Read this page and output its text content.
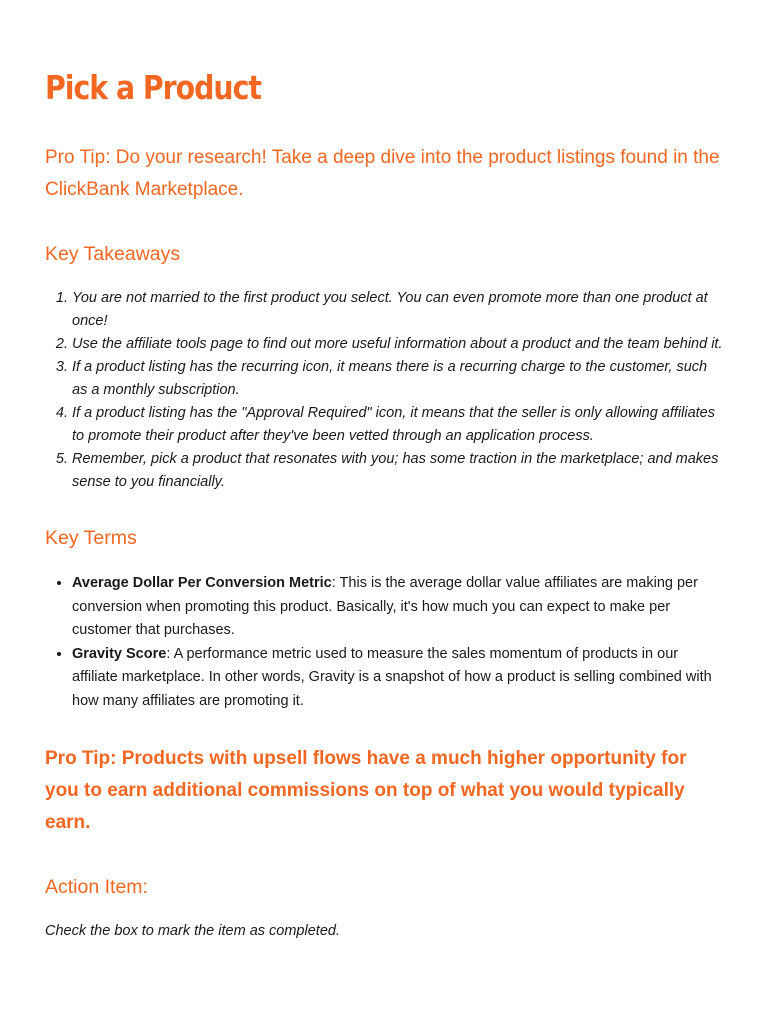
Pick a Product

Pro Tip: Do your research! Take a deep dive into the product listings found in the ClickBank Marketplace.

Key Takeaways
1. You are not married to the first product you select. You can even promote more than one product at once!
2. Use the affiliate tools page to find out more useful information about a product and the team behind it.
3. If a product listing has the recurring icon, it means there is a recurring charge to the customer, such as a monthly subscription.
4. If a product listing has the "Approval Required" icon, it means that the seller is only allowing affiliates to promote their product after they've been vetted through an application process.
5. Remember, pick a product that resonates with you; has some traction in the marketplace; and makes sense to you financially.
Key Terms
• Average Dollar Per Conversion Metric: This is the average dollar value affiliates are making per conversion when promoting this product. Basically, it's how much you can expect to make per customer that purchases.
• Gravity Score: A performance metric used to measure the sales momentum of products in our affiliate marketplace. In other words, Gravity is a snapshot of how a product is selling combined with how many affiliates are promoting it.

Pro Tip: Products with upsell flows have a much higher opportunity for you to earn additional commissions on top of what you would typically earn.

Action Item:

Check the box to mark the item as completed.
